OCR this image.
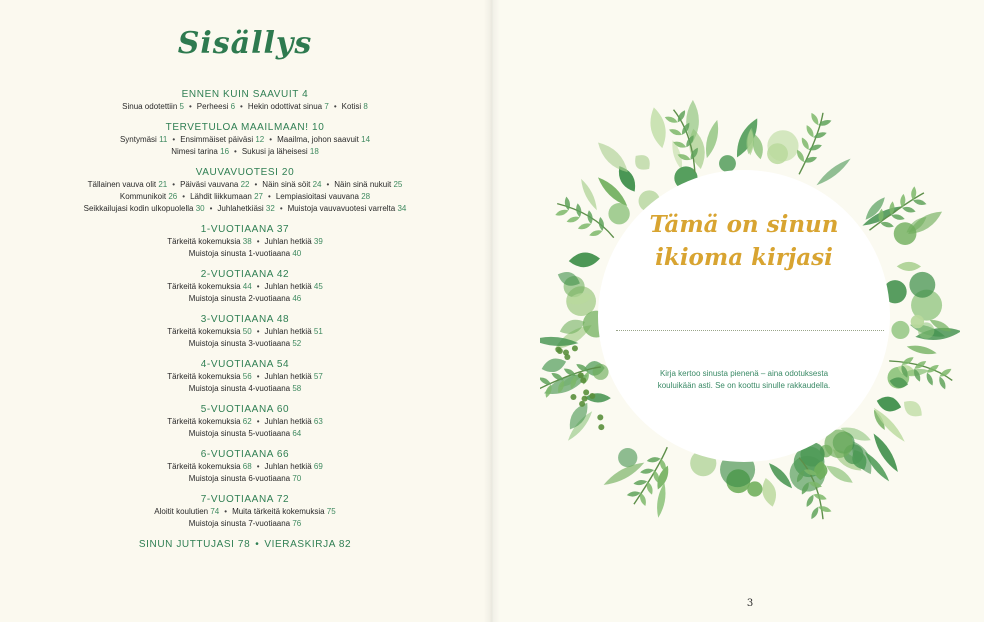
Sisällys
ENNEN KUIN SAAVUIT 4
Sinua odotettiin 5 • Perheesi 6 • Hekin odottivat sinua 7 • Kotisi 8
TERVETULOA MAAILMAAN! 10
Syntymäsi 11 • Ensimmäiset päiväsi 12 • Maailma, johon saavuit 14
Nimesi tarina 16 • Sukusi ja läheisesi 18
VAUVAVUOTESI 20
Tällainen vauva olit 21 • Päiväsi vauvana 22 • Näin sinä söit 24 • Näin sinä nukuit 25
Kommunikoit 26 • Lähdit liikkumaan 27 • Lempiasioitasi vauvana 28
Seikkailujasi kodin ulkopuolella 30 • Juhlahetkiäsi 32 • Muistoja vauvavuotesi varrelta 34
1-VUOTIAANA 37
Tärkeitä kokemuksia 38 • Juhlan hetkiä 39
Muistoja sinusta 1-vuotiaana 40
2-VUOTIAANA 42
Tärkeitä kokemuksia 44 • Juhlan hetkiä 45
Muistoja sinusta 2-vuotiaana 46
3-VUOTIAANA 48
Tärkeitä kokemuksia 50 • Juhlan hetkiä 51
Muistoja sinusta 3-vuotiaana 52
4-VUOTIAANA 54
Tärkeitä kokemuksia 56 • Juhlan hetkiä 57
Muistoja sinusta 4-vuotiaana 58
5-VUOTIAANA 60
Tärkeitä kokemuksia 62 • Juhlan hetkiä 63
Muistoja sinusta 5-vuotiaana 64
6-VUOTIAANA 66
Tärkeitä kokemuksia 68 • Juhlan hetkiä 69
Muistoja sinusta 6-vuotiaana 70
7-VUOTIAANA 72
Aloitit koulutien 74 • Muita tärkeitä kokemuksia 75
Muistoja sinusta 7-vuotiaana 76
SINUN JUTTUJASI 78 • VIERASKIRJA 82
Tämä on sinun
ikioma kirjasi
Kirja kertoo sinusta pienenä – aina odotuksesta
kouluikään asti. Se on koottu sinulle rakkaudella.
3
